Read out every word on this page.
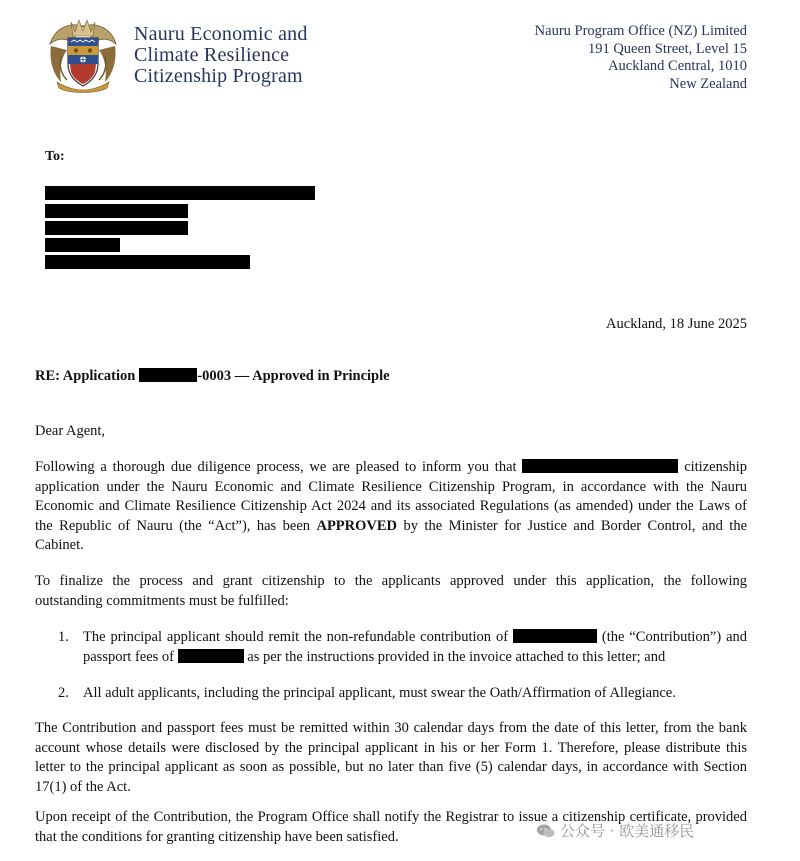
Nauru Economic and
Climate Resilience
Citizenship Program
Nauru Program Office (NZ) Limited
191 Queen Street, Level 15
Auckland Central, 1010
New Zealand
To:
Auckland, 18 June 2025
RE: Application	-0003 — Approved in Principle
Dear Agent,
Following a thorough due diligence process, we are pleased to inform you that	citizenship
application under the Nauru Economic and Climate Resilience Citizenship Program, in accordance with the Nauru
Economic and Climate Resilience Citizenship Act 2024 and its associated Regulations (as amended) under the Laws of
the Republic of Nauru (the “Act”), has been APPROVED by the Minister for Justice and Border Control, and the
Cabinet.
To finalize the process and grant citizenship to the applicants approved under this application, the following
outstanding commitments must be fulfilled:
1. The principal applicant should remit the non-refundable contribution of	(the “Contribution”) and
passport fees of	as per the instructions provided in the invoice attached to this letter; and
2. All adult applicants, including the principal applicant, must swear the Oath/Affirmation of Allegiance.
The Contribution and passport fees must be remitted within 30 calendar days from the date of this letter, from the bank
account whose details were disclosed by the principal applicant in his or her Form 1. Therefore, please distribute this
letter to the principal applicant as soon as possible, but no later than five (5) calendar days, in accordance with Section
17(1) of the Act.
Upon receipt of the Contribution, the Program Office shall notify the Registrar to issue a citizenship certificate, provided
that the conditions for granting citizenship have been satisfied.	公众号 · 欧美通移民
